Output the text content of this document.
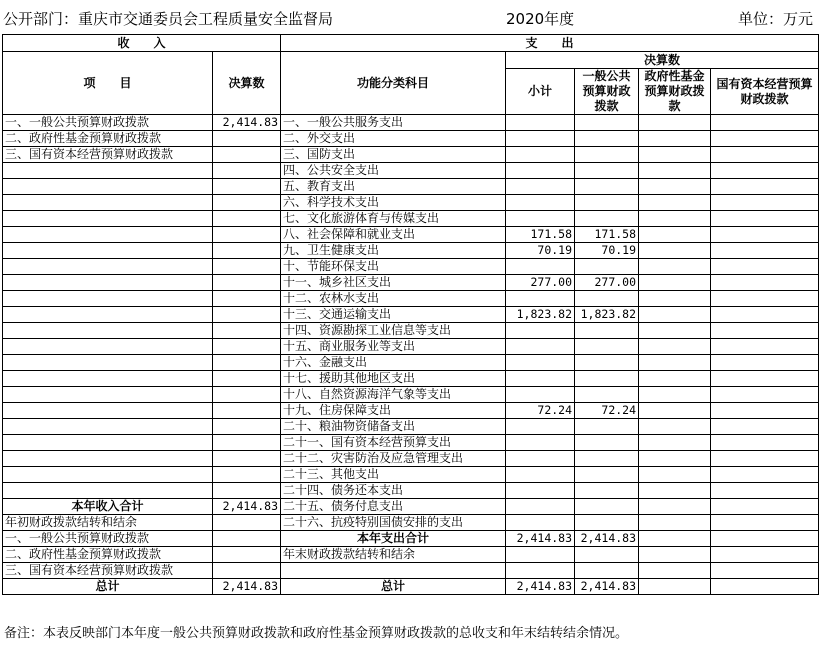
公开部门：重庆市交通委员会工程质量安全监督局	2020年度	单位：万元
收　　入		支　　出				
项　　目	决算数	功能分类科目	决算数			
			小计	一般公共预算财政拨款	政府性基金预算财政拨款	国有资本经营预算财政拨款
一、一般公共预算财政拨款	2,414.83	一、一般公共服务支出				
二、政府性基金预算财政拨款		二、外交支出				
三、国有资本经营预算财政拨款		三、国防支出				
		四、公共安全支出				
		五、教育支出				
		六、科学技术支出				
		七、文化旅游体育与传媒支出				
		八、社会保障和就业支出	171.58	171.58		
		九、卫生健康支出	70.19	70.19		
		十、节能环保支出				
		十一、城乡社区支出	277.00	277.00		
		十二、农林水支出				
		十三、交通运输支出	1,823.82	1,823.82		
		十四、资源勘探工业信息等支出				
		十五、商业服务业等支出				
		十六、金融支出				
		十七、援助其他地区支出				
		十八、自然资源海洋气象等支出				
		十九、住房保障支出	72.24	72.24		
		二十、粮油物资储备支出				
		二十一、国有资本经营预算支出				
		二十二、灾害防治及应急管理支出				
		二十三、其他支出				
		二十四、债务还本支出				
本年收入合计	2,414.83	二十五、债务付息支出				
年初财政拨款结转和结余		二十六、抗疫特别国债安排的支出				
一、一般公共预算财政拨款		本年支出合计	2,414.83	2,414.83		
二、政府性基金预算财政拨款		年末财政拨款结转和结余				
三、国有资本经营预算财政拨款						
总计	2,414.83	总计	2,414.83	2,414.83		
备注：本表反映部门本年度一般公共预算财政拨款和政府性基金预算财政拨款的总收支和年末结转结余情况。
